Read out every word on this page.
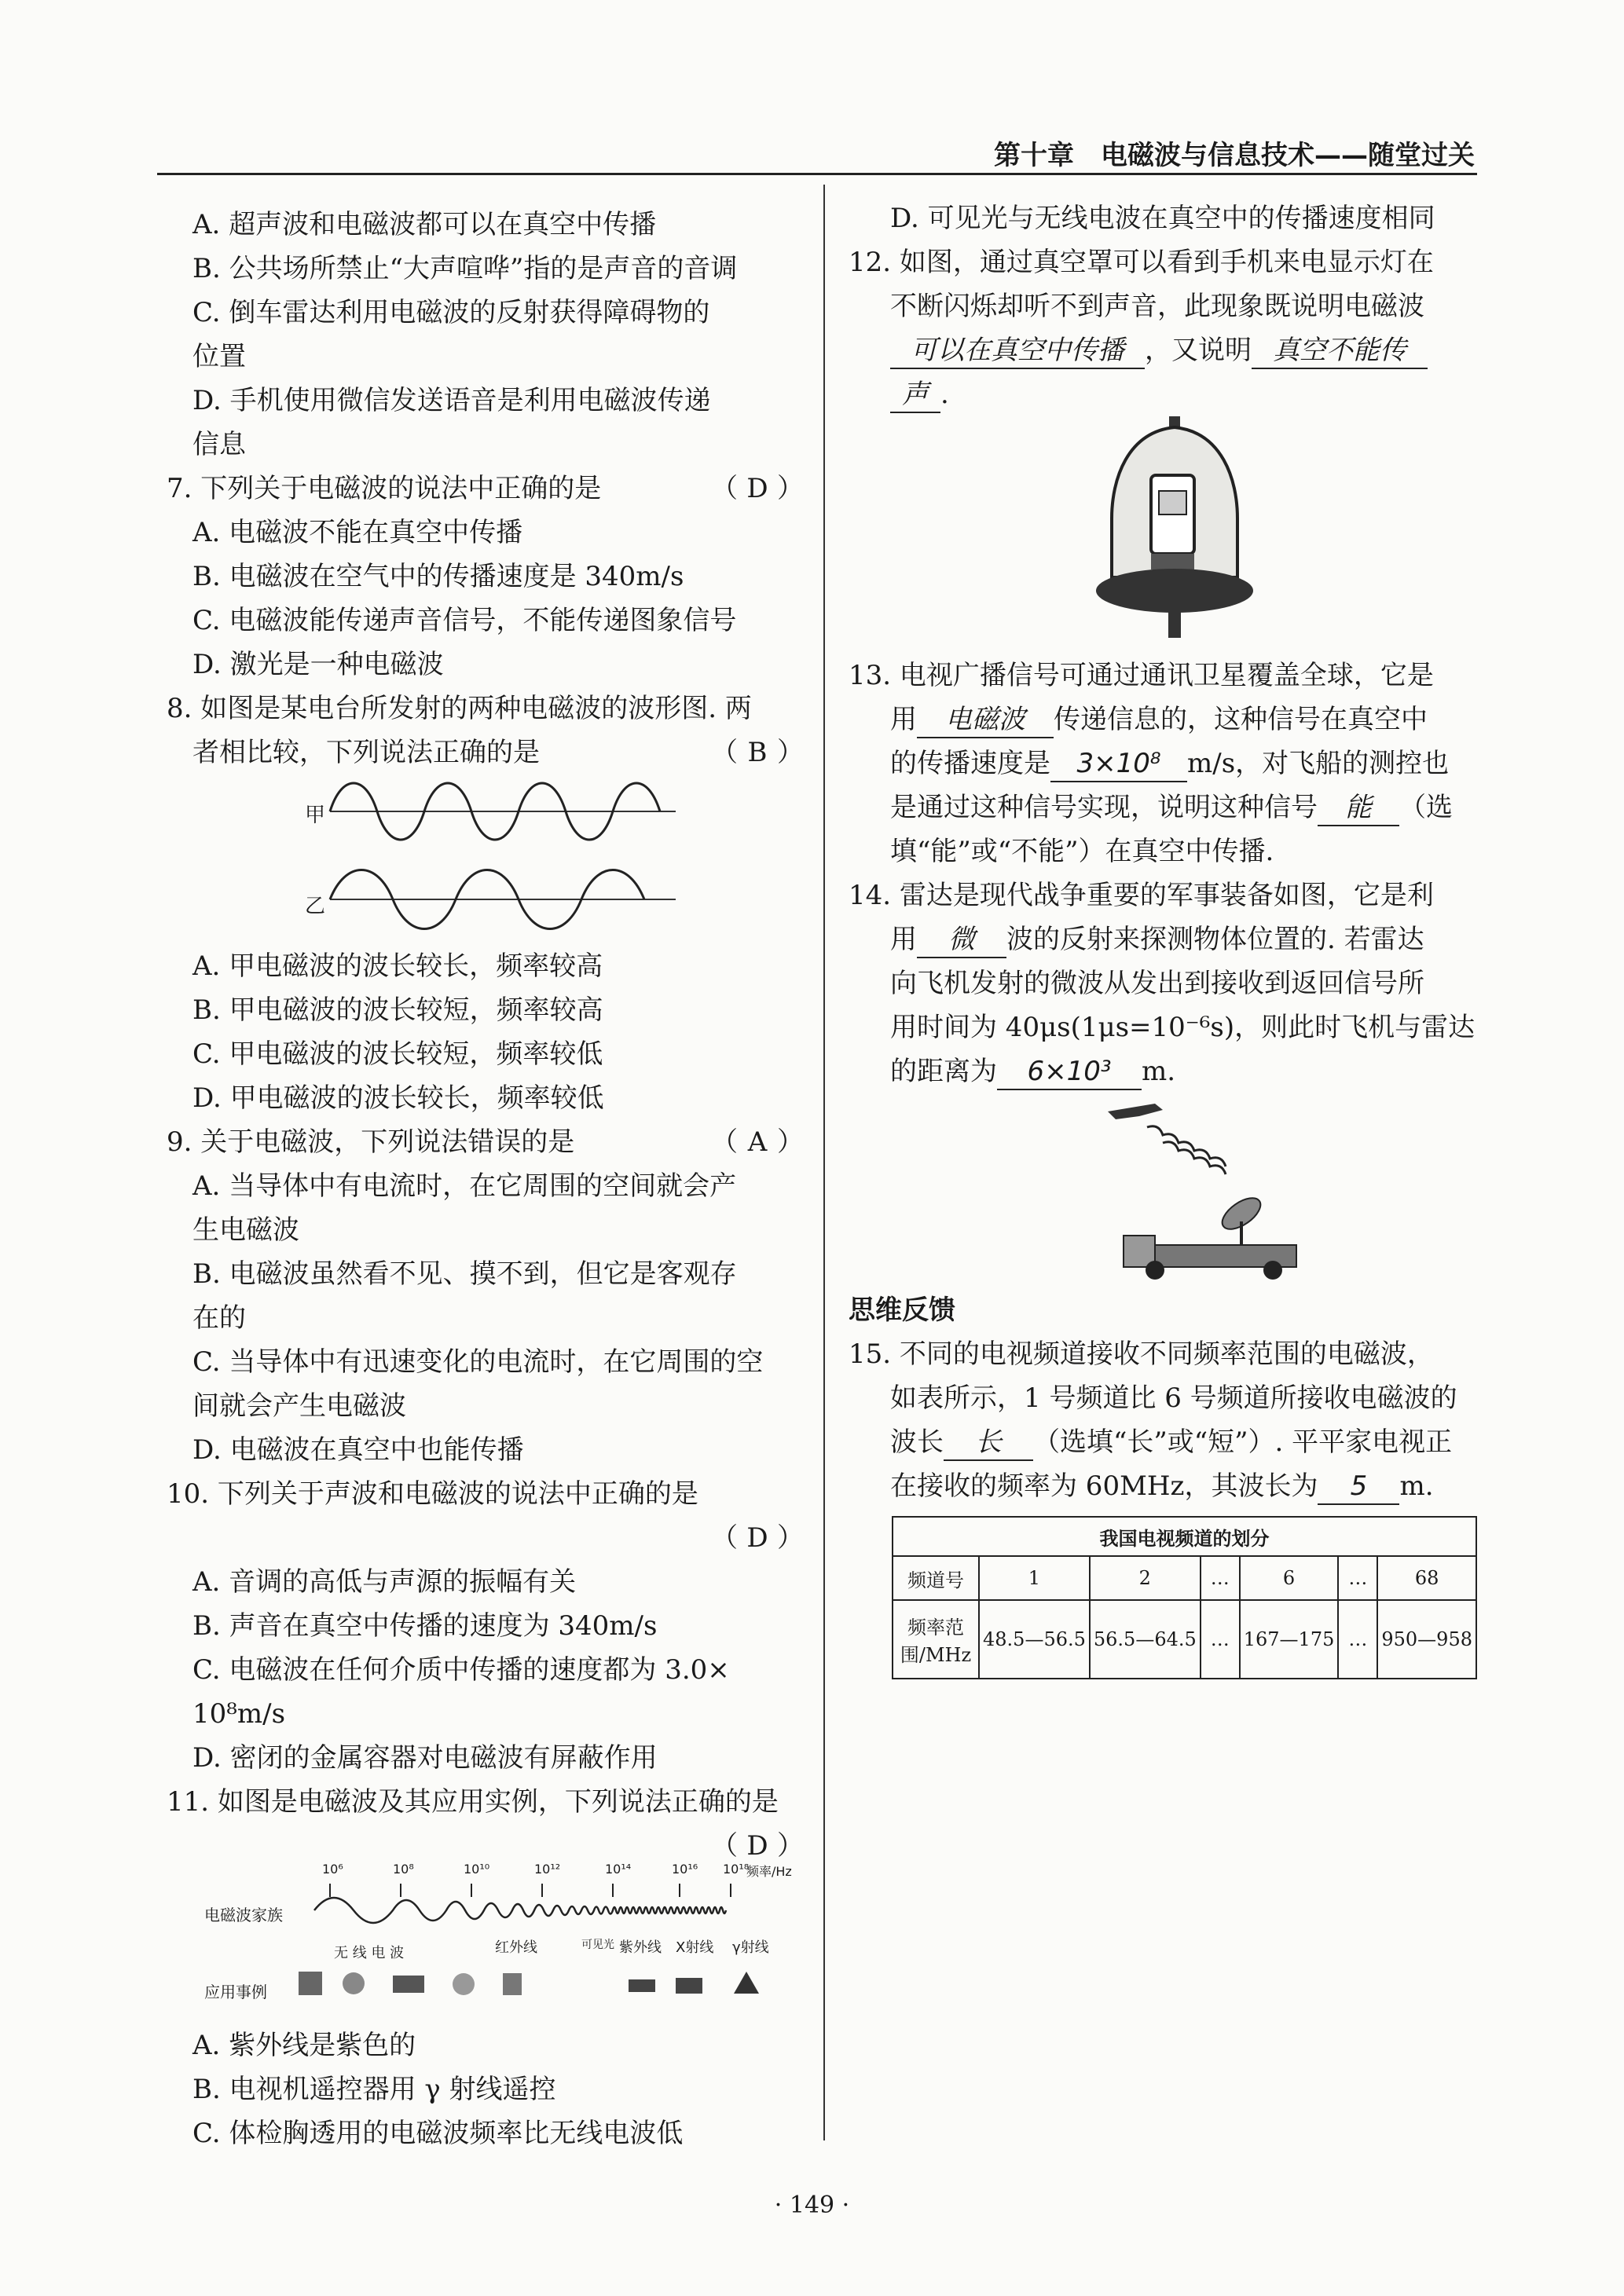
第十章　电磁波与信息技术——随堂过关
A. 超声波和电磁波都可以在真空中传播
B. 公共场所禁止“大声喧哗”指的是声音的音调
C. 倒车雷达利用电磁波的反射获得障碍物的
位置
D. 手机使用微信发送语音是利用电磁波传递
信息
7. 下列关于电磁波的说法中正确的是	（ D ）
A. 电磁波不能在真空中传播
B. 电磁波在空气中的传播速度是 340m/s
C. 电磁波能传递声音信号，不能传递图象信号
D. 激光是一种电磁波
8. 如图是某电台所发射的两种电磁波的波形图. 两
者相比较，下列说法正确的是	（ B ）
甲
乙
A. 甲电磁波的波长较长，频率较高
B. 甲电磁波的波长较短，频率较高
C. 甲电磁波的波长较短，频率较低
D. 甲电磁波的波长较长，频率较低
9. 关于电磁波，下列说法错误的是	（ A ）
A. 当导体中有电流时，在它周围的空间就会产
生电磁波
B. 电磁波虽然看不见、摸不到，但它是客观存
在的
C. 当导体中有迅速变化的电流时，在它周围的空
间就会产生电磁波
D. 电磁波在真空中也能传播
10. 下列关于声波和电磁波的说法中正确的是
（ D ）
A. 音调的高低与声源的振幅有关
B. 声音在真空中传播的速度为 340m/s
C. 电磁波在任何介质中传播的速度都为 3.0×
10⁸m/s
D. 密闭的金属容器对电磁波有屏蔽作用
11. 如图是电磁波及其应用实例，下列说法正确的是
（ D ）
电磁波家族
应用事例
10⁶	10⁸	10¹⁰	10¹²	10¹⁴	10¹⁶ 10¹⁸
频率/Hz
无 线 电 波	红外线	可见光 紫外线 X射线 γ射线
A. 紫外线是紫色的
B. 电视机遥控器用 γ 射线遥控
C. 体检胸透用的电磁波频率比无线电波低
D. 可见光与无线电波在真空中的传播速度相同
12. 如图，通过真空罩可以看到手机来电显示灯在
不断闪烁却听不到声音，此现象既说明电磁波
可以在真空中传播 ，又说明 真空不能传
声 .
13. 电视广播信号可通过通讯卫星覆盖全球，它是
用 电磁波 传递信息的，这种信号在真空中
的传播速度是 3×10⁸ m/s，对飞船的测控也
是通过这种信号实现，说明这种信号 能 （选
填“能”或“不能”）在真空中传播.
14. 雷达是现代战争重要的军事装备如图，它是利
用 微 波的反射来探测物体位置的. 若雷达
向飞机发射的微波从发出到接收到返回信号所
用时间为 40μs(1μs=10⁻⁶s)，则此时飞机与雷达
的距离为 6×10³ m.
思维反馈
15. 不同的电视频道接收不同频率范围的电磁波，
如表所示，1 号频道比 6 号频道所接收电磁波的
波长 长 （选填“长”或“短”）. 平平家电视正
在接收的频率为 60MHz，其波长为 5 m.
我国电视频道的划分						
频道号	1	2	…	6	…	68

频率范
围/MHz	48.5—56.5	56.5—64.5	…	167—175	…	950—958
· 149 ·
